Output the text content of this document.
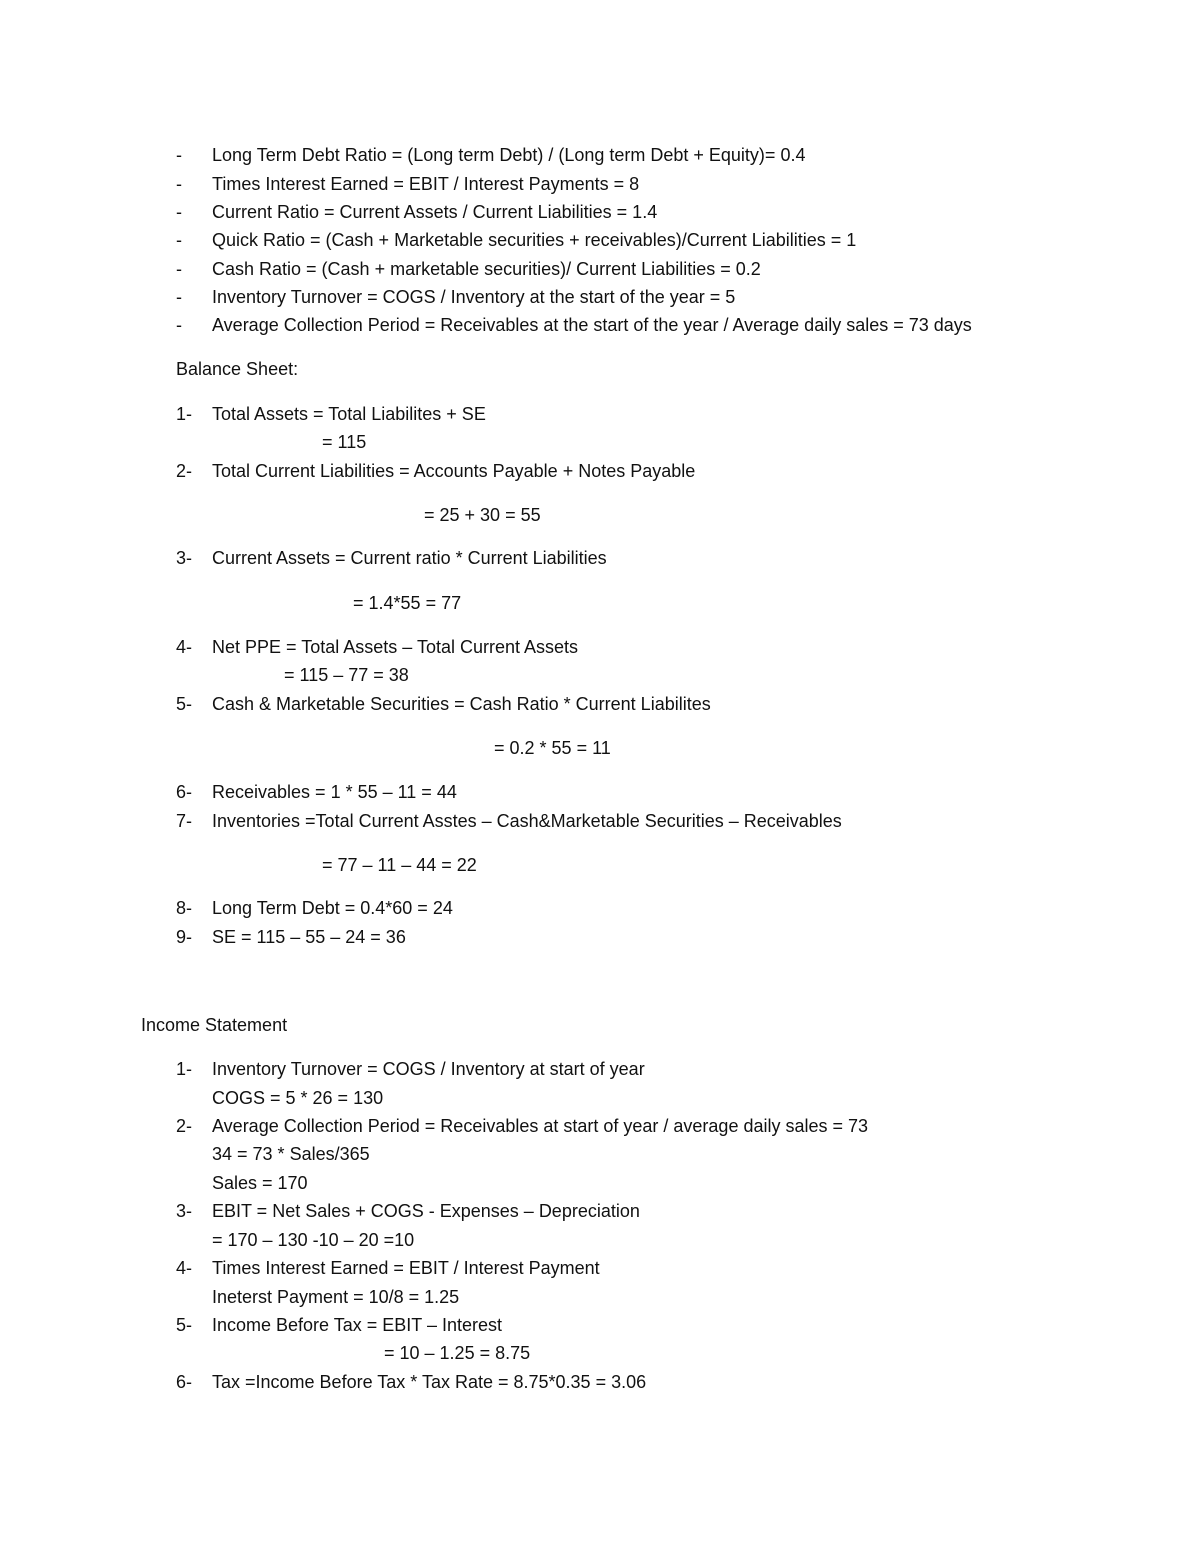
- Long Term Debt Ratio = (Long term Debt) / (Long term Debt + Equity)= 0.4
- Times Interest Earned = EBIT / Interest Payments = 8
- Current Ratio = Current Assets / Current Liabilities = 1.4
- Quick Ratio = (Cash + Marketable securities + receivables)/Current Liabilities = 1
- Cash Ratio = (Cash + marketable securities)/ Current Liabilities = 0.2
- Inventory Turnover = COGS / Inventory at the start of the year = 5
- Average Collection Period = Receivables at the start of the year / Average daily sales = 73 days
Balance Sheet:
1- Total Assets = Total Liabilites + SE
= 115
2- Total Current Liabilities = Accounts Payable + Notes Payable
= 25 + 30 = 55
3- Current Assets = Current ratio * Current Liabilities
= 1.4*55 = 77
4- Net PPE = Total Assets – Total Current Assets
= 115 – 77 = 38
5- Cash & Marketable Securities = Cash Ratio * Current Liabilites
= 0.2 * 55 = 11
6- Receivables = 1 * 55 – 11 = 44
7- Inventories =Total Current Asstes – Cash&Marketable Securities – Receivables
= 77 – 11 – 44 = 22
8- Long Term Debt = 0.4*60 = 24
9- SE = 115 – 55 – 24 = 36
Income Statement
1- Inventory Turnover = COGS / Inventory at start of year
COGS = 5 * 26 = 130
2- Average Collection Period = Receivables at start of year / average daily sales = 73
34 = 73 * Sales/365
Sales = 170
3- EBIT = Net Sales + COGS - Expenses – Depreciation
= 170 – 130 -10 – 20 =10
4- Times Interest Earned = EBIT / Interest Payment
Ineterst Payment = 10/8 = 1.25
5- Income Before Tax = EBIT – Interest
= 10 – 1.25 = 8.75
6- Tax =Income Before Tax * Tax Rate = 8.75*0.35 = 3.06
